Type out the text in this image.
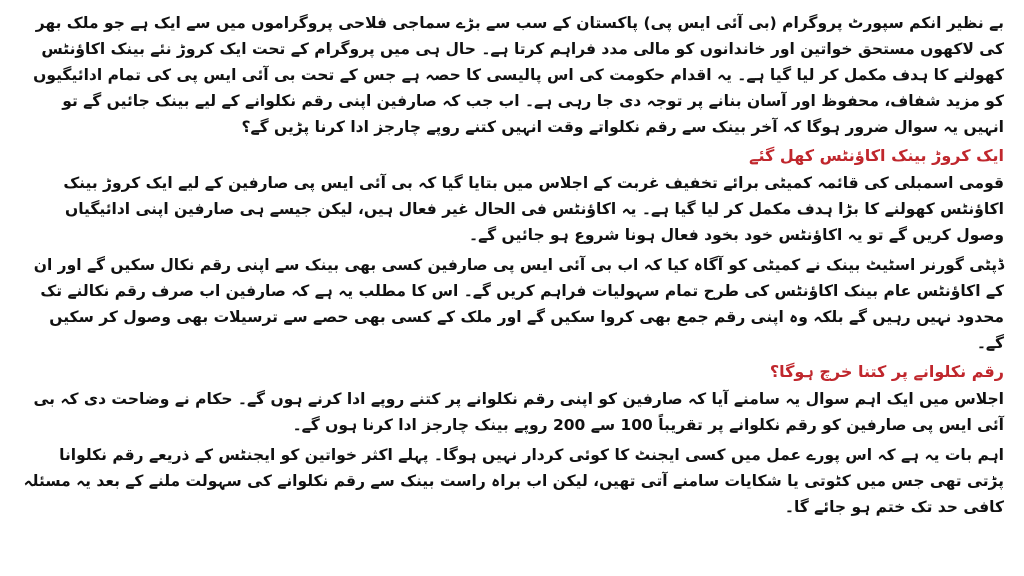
بے نظیر انکم سپورٹ پروگرام (بی آئی ایس پی) پاکستان کے سب سے بڑے سماجی فلاحی پروگراموں میں سے ایک ہے جو ملک بھر کی لاکھوں مستحق خواتین اور خاندانوں کو مالی مدد فراہم کرتا ہے۔ حال ہی میں پروگرام کے تحت ایک کروڑ نئے بینک اکاؤنٹس کھولنے کا ہدف مکمل کر لیا گیا ہے۔ یہ اقدام حکومت کی اس پالیسی کا حصہ ہے جس کے تحت بی آئی ایس پی کی تمام ادائیگیوں کو مزید شفاف، محفوظ اور آسان بنانے پر توجہ دی جا رہی ہے۔ اب جب کہ صارفین اپنی رقم نکلوانے کے لیے بینک جائیں گے تو انہیں یہ سوال ضرور ہوگا کہ آخر بینک سے رقم نکلواتے وقت انہیں کتنے روپے چارجز ادا کرنا پڑیں گے؟

ایک کروڑ بینک اکاؤنٹس کھل گئے

قومی اسمبلی کی قائمہ کمیٹی برائے تخفیف غربت کے اجلاس میں بتایا گیا کہ بی آئی ایس پی صارفین کے لیے ایک کروڑ بینک اکاؤنٹس کھولنے کا بڑا ہدف مکمل کر لیا گیا ہے۔ یہ اکاؤنٹس فی الحال غیر فعال ہیں، لیکن جیسے ہی صارفین اپنی ادائیگیاں وصول کریں گے تو یہ اکاؤنٹس خود بخود فعال ہونا شروع ہو جائیں گے۔

ڈپٹی گورنر اسٹیٹ بینک نے کمیٹی کو آگاہ کیا کہ اب بی آئی ایس پی صارفین کسی بھی بینک سے اپنی رقم نکال سکیں گے اور ان کے اکاؤنٹس عام بینک اکاؤنٹس کی طرح تمام سہولیات فراہم کریں گے۔ اس کا مطلب یہ ہے کہ صارفین اب صرف رقم نکالنے تک محدود نہیں رہیں گے بلکہ وہ اپنی رقم جمع بھی کروا سکیں گے اور ملک کے کسی بھی حصے سے ترسیلات بھی وصول کر سکیں گے۔

رقم نکلوانے پر کتنا خرچ ہوگا؟

اجلاس میں ایک اہم سوال یہ سامنے آیا کہ صارفین کو اپنی رقم نکلوانے پر کتنے روپے ادا کرنے ہوں گے۔ حکام نے وضاحت دی کہ بی آئی ایس پی صارفین کو رقم نکلوانے پر تقریباً 100 سے 200 روپے بینک چارجز ادا کرنا ہوں گے۔

اہم بات یہ ہے کہ اس پورے عمل میں کسی ایجنٹ کا کوئی کردار نہیں ہوگا۔ پہلے اکثر خواتین کو ایجنٹس کے ذریعے رقم نکلوانا پڑتی تھی جس میں کٹوتی یا شکایات سامنے آتی تھیں، لیکن اب براہ راست بینک سے رقم نکلوانے کی سہولت ملنے کے بعد یہ مسئلہ کافی حد تک ختم ہو جائے گا۔
